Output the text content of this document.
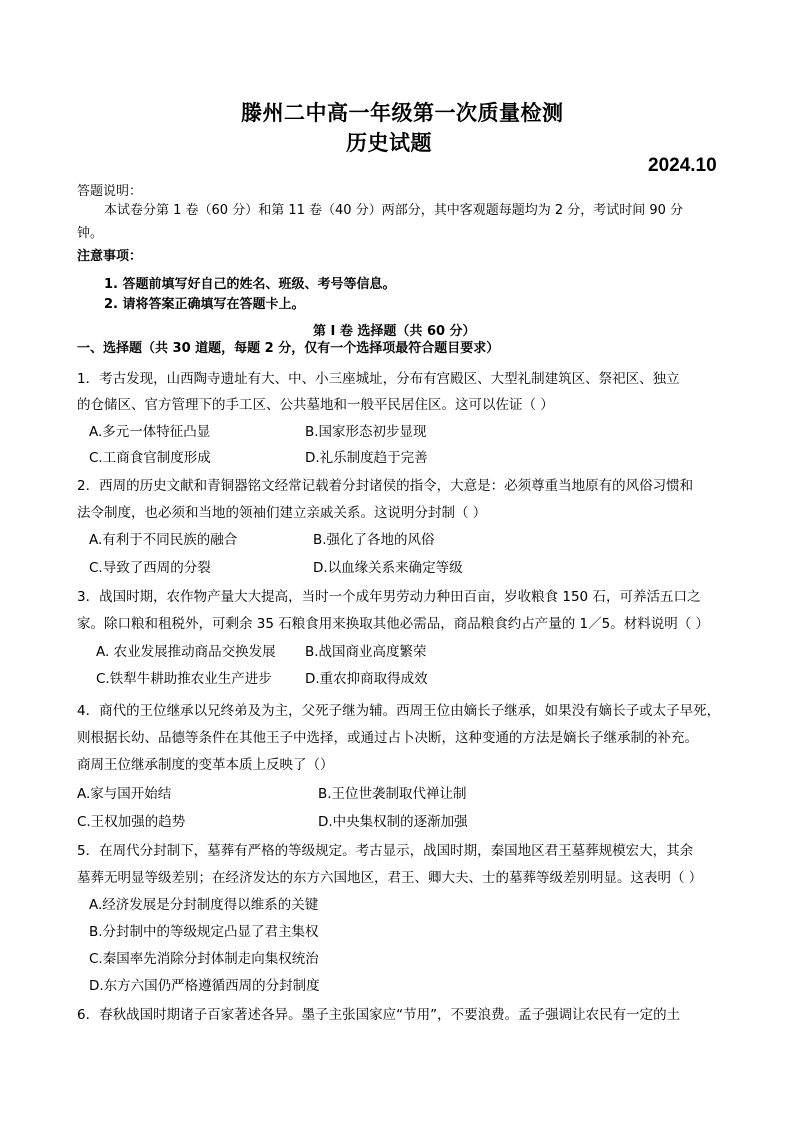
滕州二中高一年级第一次质量检测
历史试题
2024.10
答题说明：
本试卷分第 1 卷（60 分）和第 11 卷（40 分）两部分，其中客观题每题均为 2 分，考试时间 90 分
钟。
注意事项：
1. 答题前填写好自己的姓名、班级、考号等信息。
2. 请将答案正确填写在答题卡上。
第 I 卷 选择题（共 60 分）
一、选择题（共 30 道题，每题 2 分，仅有一个选择项最符合题目要求）
1．考古发现，山西陶寺遗址有大、中、小三座城址，分布有宫殿区、大型礼制建筑区、祭祀区、独立
的仓储区、官方管理下的手工区、公共墓地和一般平民居住区。这可以佐证（ ）
A.多元一体特征凸显	B.国家形态初步显现
C.工商食官制度形成	D.礼乐制度趋于完善
2．西周的历史文献和青铜器铭文经常记载着分封诸侯的指令，大意是：必须尊重当地原有的风俗习惯和
法令制度，也必须和当地的领袖们建立亲戚关系。这说明分封制（ ）
A.有利于不同民族的融合	B.强化了各地的风俗
C.导致了西周的分裂	D.以血缘关系来确定等级
3．战国时期，农作物产量大大提高，当时一个成年男劳动力种田百亩，岁收粮食 150 石，可养活五口之
家。除口粮和租税外，可剩余 35 石粮食用来换取其他必需品，商品粮食约占产量的 1／5。材料说明（ ）
A. 农业发展推动商品交换发展 B.战国商业高度繁荣
C.铁犁牛耕助推农业生产进步 D.重农抑商取得成效
4．商代的王位继承以兄终弟及为主，父死子继为辅。西周王位由嫡长子继承，如果没有嫡长子或太子早死，
则根据长幼、品德等条件在其他王子中选择，或通过占卜决断，这种变通的方法是嫡长子继承制的补充。
商周王位继承制度的变革本质上反映了（）
A.家与国开始结	B.王位世袭制取代禅让制
C.王权加强的趋势	D.中央集权制的逐渐加强
5．在周代分封制下，墓葬有严格的等级规定。考古显示，战国时期，秦国地区君王墓葬规模宏大，其余
墓葬无明显等级差别；在经济发达的东方六国地区，君王、卿大夫、士的墓葬等级差别明显。这表明（ ）
A.经济发展是分封制度得以维系的关键
B.分封制中的等级规定凸显了君主集权
C.秦国率先消除分封体制走向集权统治
D.东方六国仍严格遵循西周的分封制度
6．春秋战国时期诸子百家著述各异。墨子主张国家应“节用”，不要浪费。孟子强调让农民有一定的土
